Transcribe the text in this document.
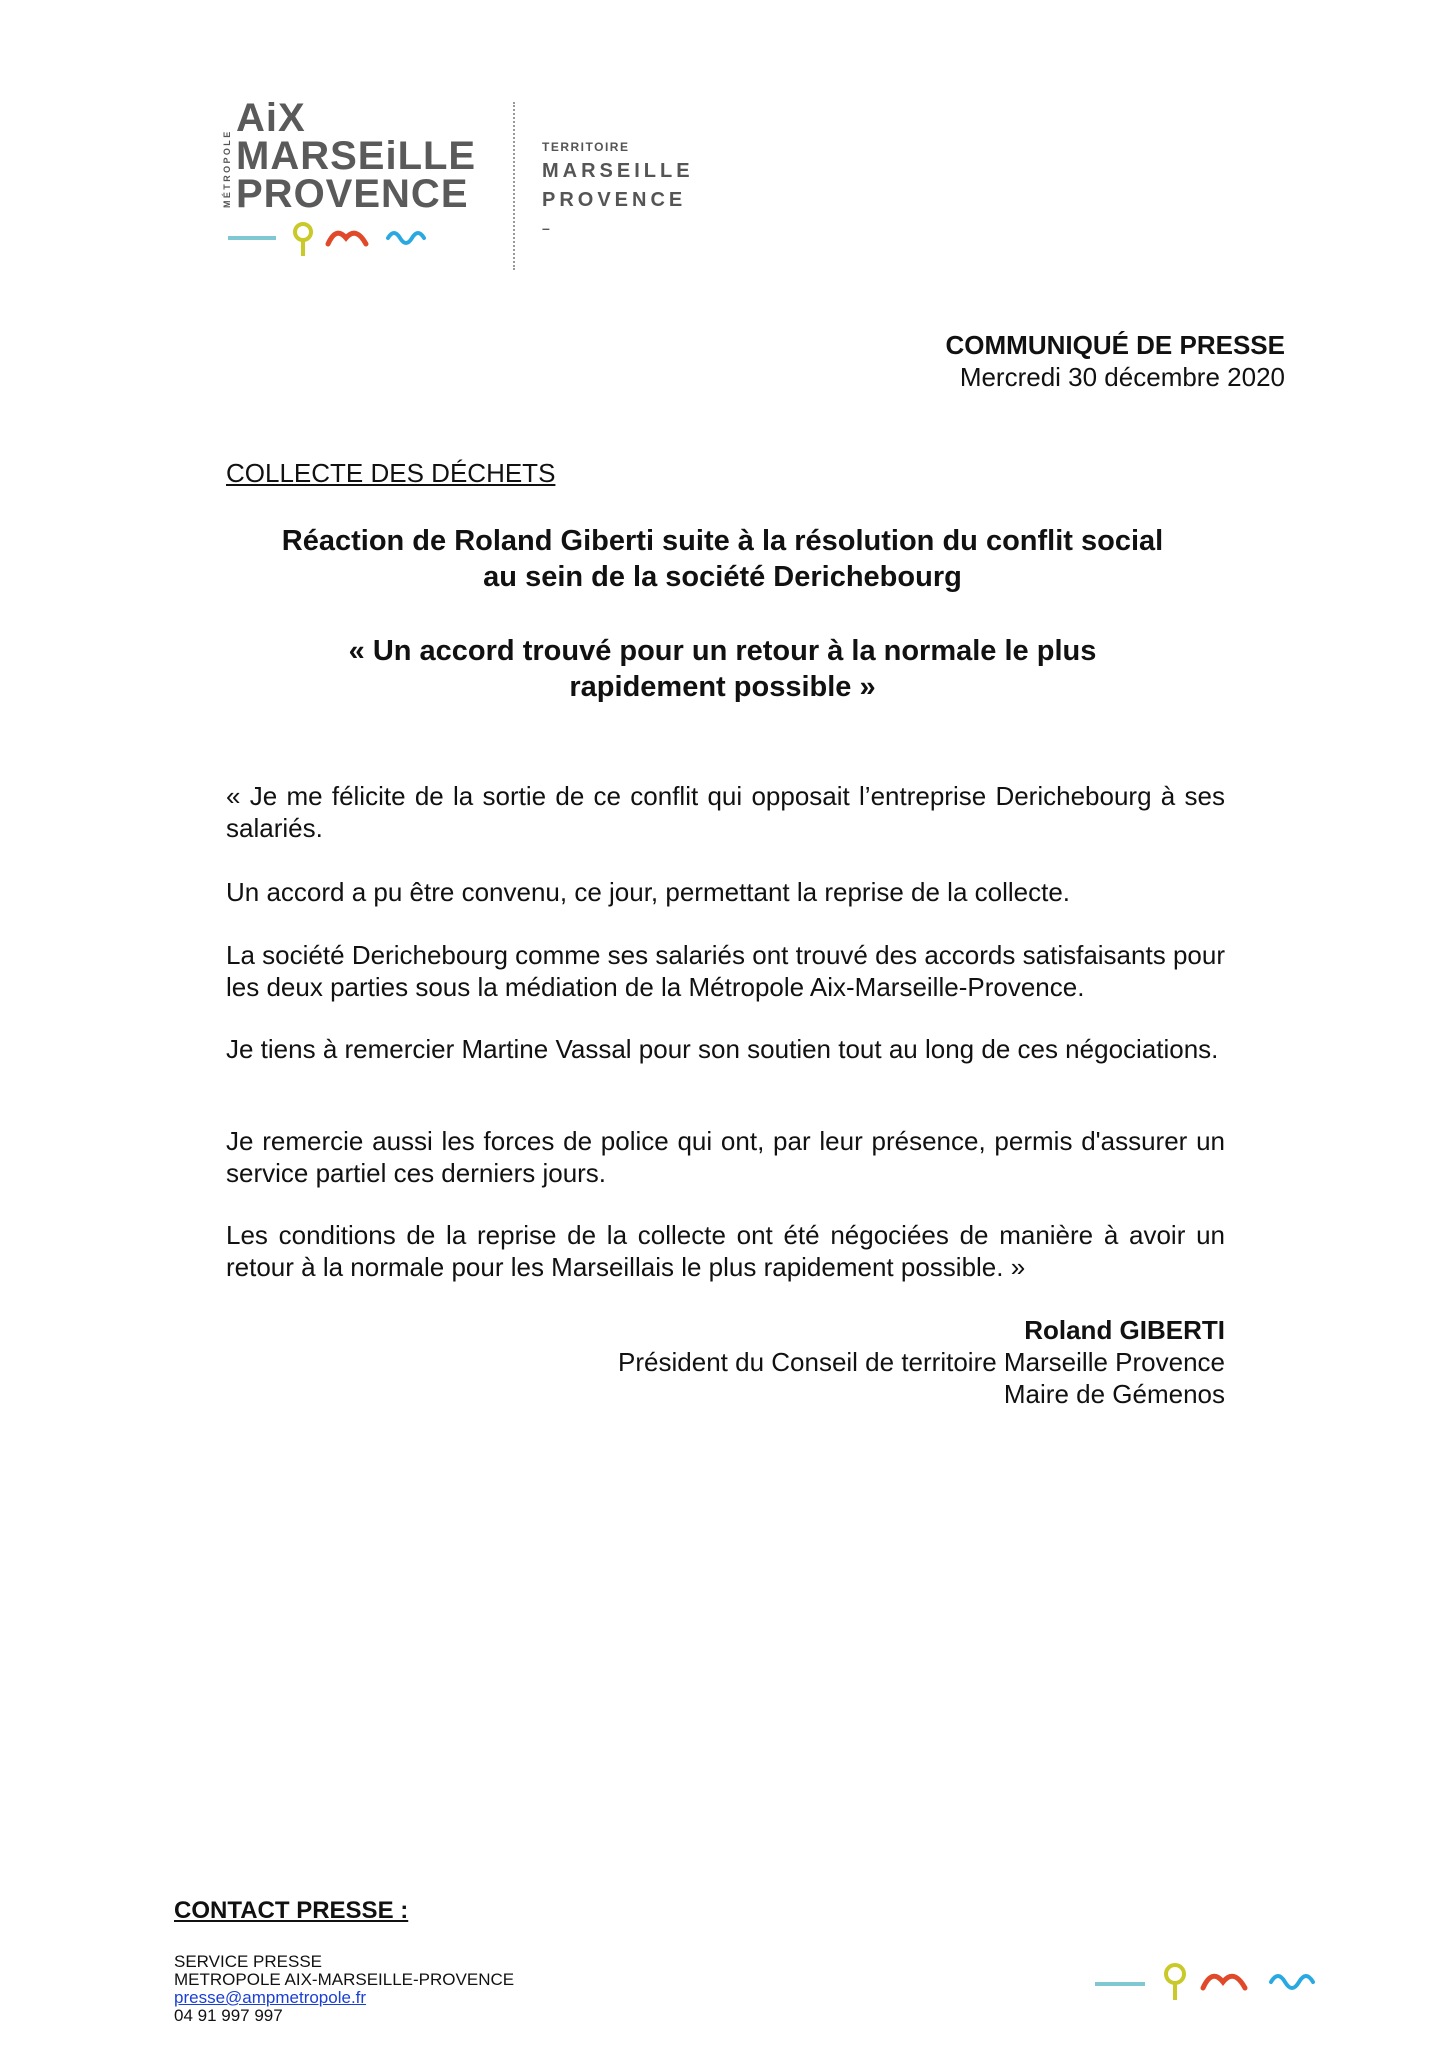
MÉTROPOLE
AiX
MARSEiLLE
PROVENCE
TERRITOIRE
MARSEILLE
PROVENCE
–
COMMUNIQUÉ DE PRESSE
Mercredi 30 décembre 2020
COLLECTE DES DÉCHETS
Réaction de Roland Giberti suite à la résolution du conflit social
au sein de la société Derichebourg
« Un accord trouvé pour un retour à la normale le plus
rapidement possible »
« Je me félicite de la sortie de ce conflit qui opposait l’entreprise Derichebourg à ses salariés.
Un accord a pu être convenu, ce jour, permettant la reprise de la collecte.
La société Derichebourg comme ses salariés ont trouvé des accords satisfaisants pour les deux parties sous la médiation de la Métropole Aix-Marseille-Provence.
Je tiens à remercier Martine Vassal pour son soutien tout au long de ces négociations.
Je remercie aussi les forces de police qui ont, par leur présence, permis d'assurer un service partiel ces derniers jours.
Les conditions de la reprise de la collecte ont été négociées de manière à avoir un retour à la normale pour les Marseillais le plus rapidement possible. »
Roland GIBERTI
Président du Conseil de territoire Marseille Provence
Maire de Gémenos
CONTACT PRESSE :
SERVICE PRESSE
METROPOLE AIX-MARSEILLE-PROVENCE
presse@ampmetropole.fr
04 91 997 997
